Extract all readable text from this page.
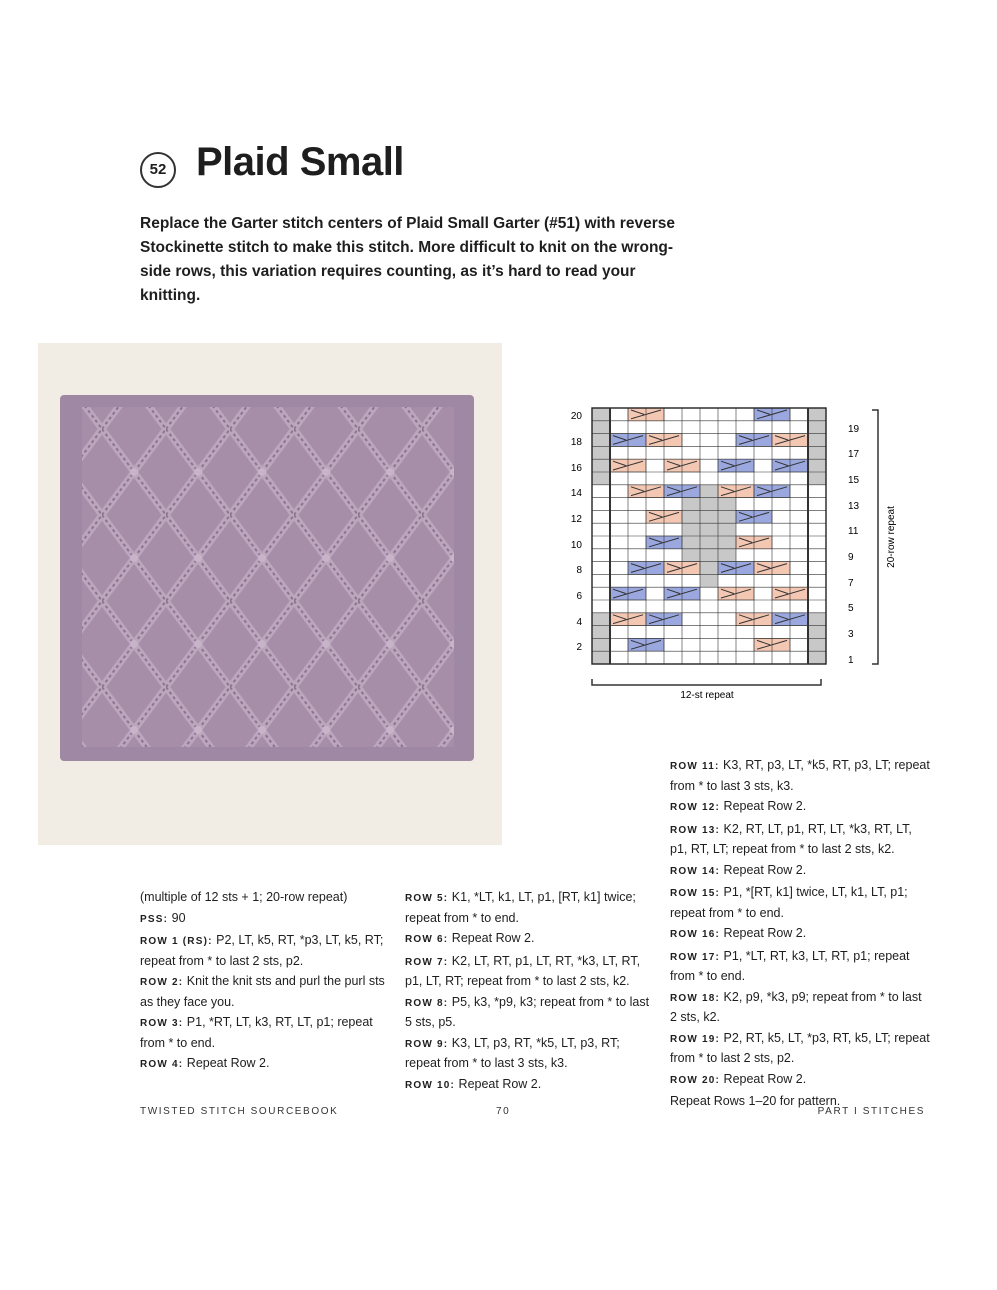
52 Plaid Small

Replace the Garter stitch centers of Plaid Small Garter (#51) with reverse Stockinette stitch to make this stitch. More difficult to knit on the wrong-side rows, this variation requires counting, as it’s hard to read your knitting.

20
18
16
14
12
10
8
6
4
2
19
17
15
13
11
9
7
5
3
1
20-row repeat
12-st repeat

(multiple of 12 sts + 1; 20-row repeat)

PSS: 90

ROW 1 (RS): P2, LT, k5, RT, *p3, LT, k5, RT; repeat from * to last 2 sts, p2.

ROW 2: Knit the knit sts and purl the purl sts as they face you.

ROW 3: P1, *RT, LT, k3, RT, LT, p1; repeat from * to end.

ROW 4: Repeat Row 2.

ROW 5: K1, *LT, k1, LT, p1, [RT, k1] twice; repeat from * to end.

ROW 6: Repeat Row 2.

ROW 7: K2, LT, RT, p1, LT, RT, *k3, LT, RT, p1, LT, RT; repeat from * to last 2 sts, k2.

ROW 8: P5, k3, *p9, k3; repeat from * to last 5 sts, p5.

ROW 9: K3, LT, p3, RT, *k5, LT, p3, RT; repeat from * to last 3 sts, k3.

ROW 10: Repeat Row 2.

ROW 11: K3, RT, p3, LT, *k5, RT, p3, LT; repeat from * to last 3 sts, k3.

ROW 12: Repeat Row 2.

ROW 13: K2, RT, LT, p1, RT, LT, *k3, RT, LT, p1, RT, LT; repeat from * to last 2 sts, k2.

ROW 14: Repeat Row 2.

ROW 15: P1, *[RT, k1] twice, LT, k1, LT, p1; repeat from * to end.

ROW 16: Repeat Row 2.

ROW 17: P1, *LT, RT, k3, LT, RT, p1; repeat from * to end.

ROW 18: K2, p9, *k3, p9; repeat from * to last 2 sts, k2.

ROW 19: P2, RT, k5, LT, *p3, RT, k5, LT; repeat from * to last 2 sts, p2.

ROW 20: Repeat Row 2.

Repeat Rows 1–20 for pattern.

TWISTED STITCH SOURCEBOOK	70	PART I STITCHES
